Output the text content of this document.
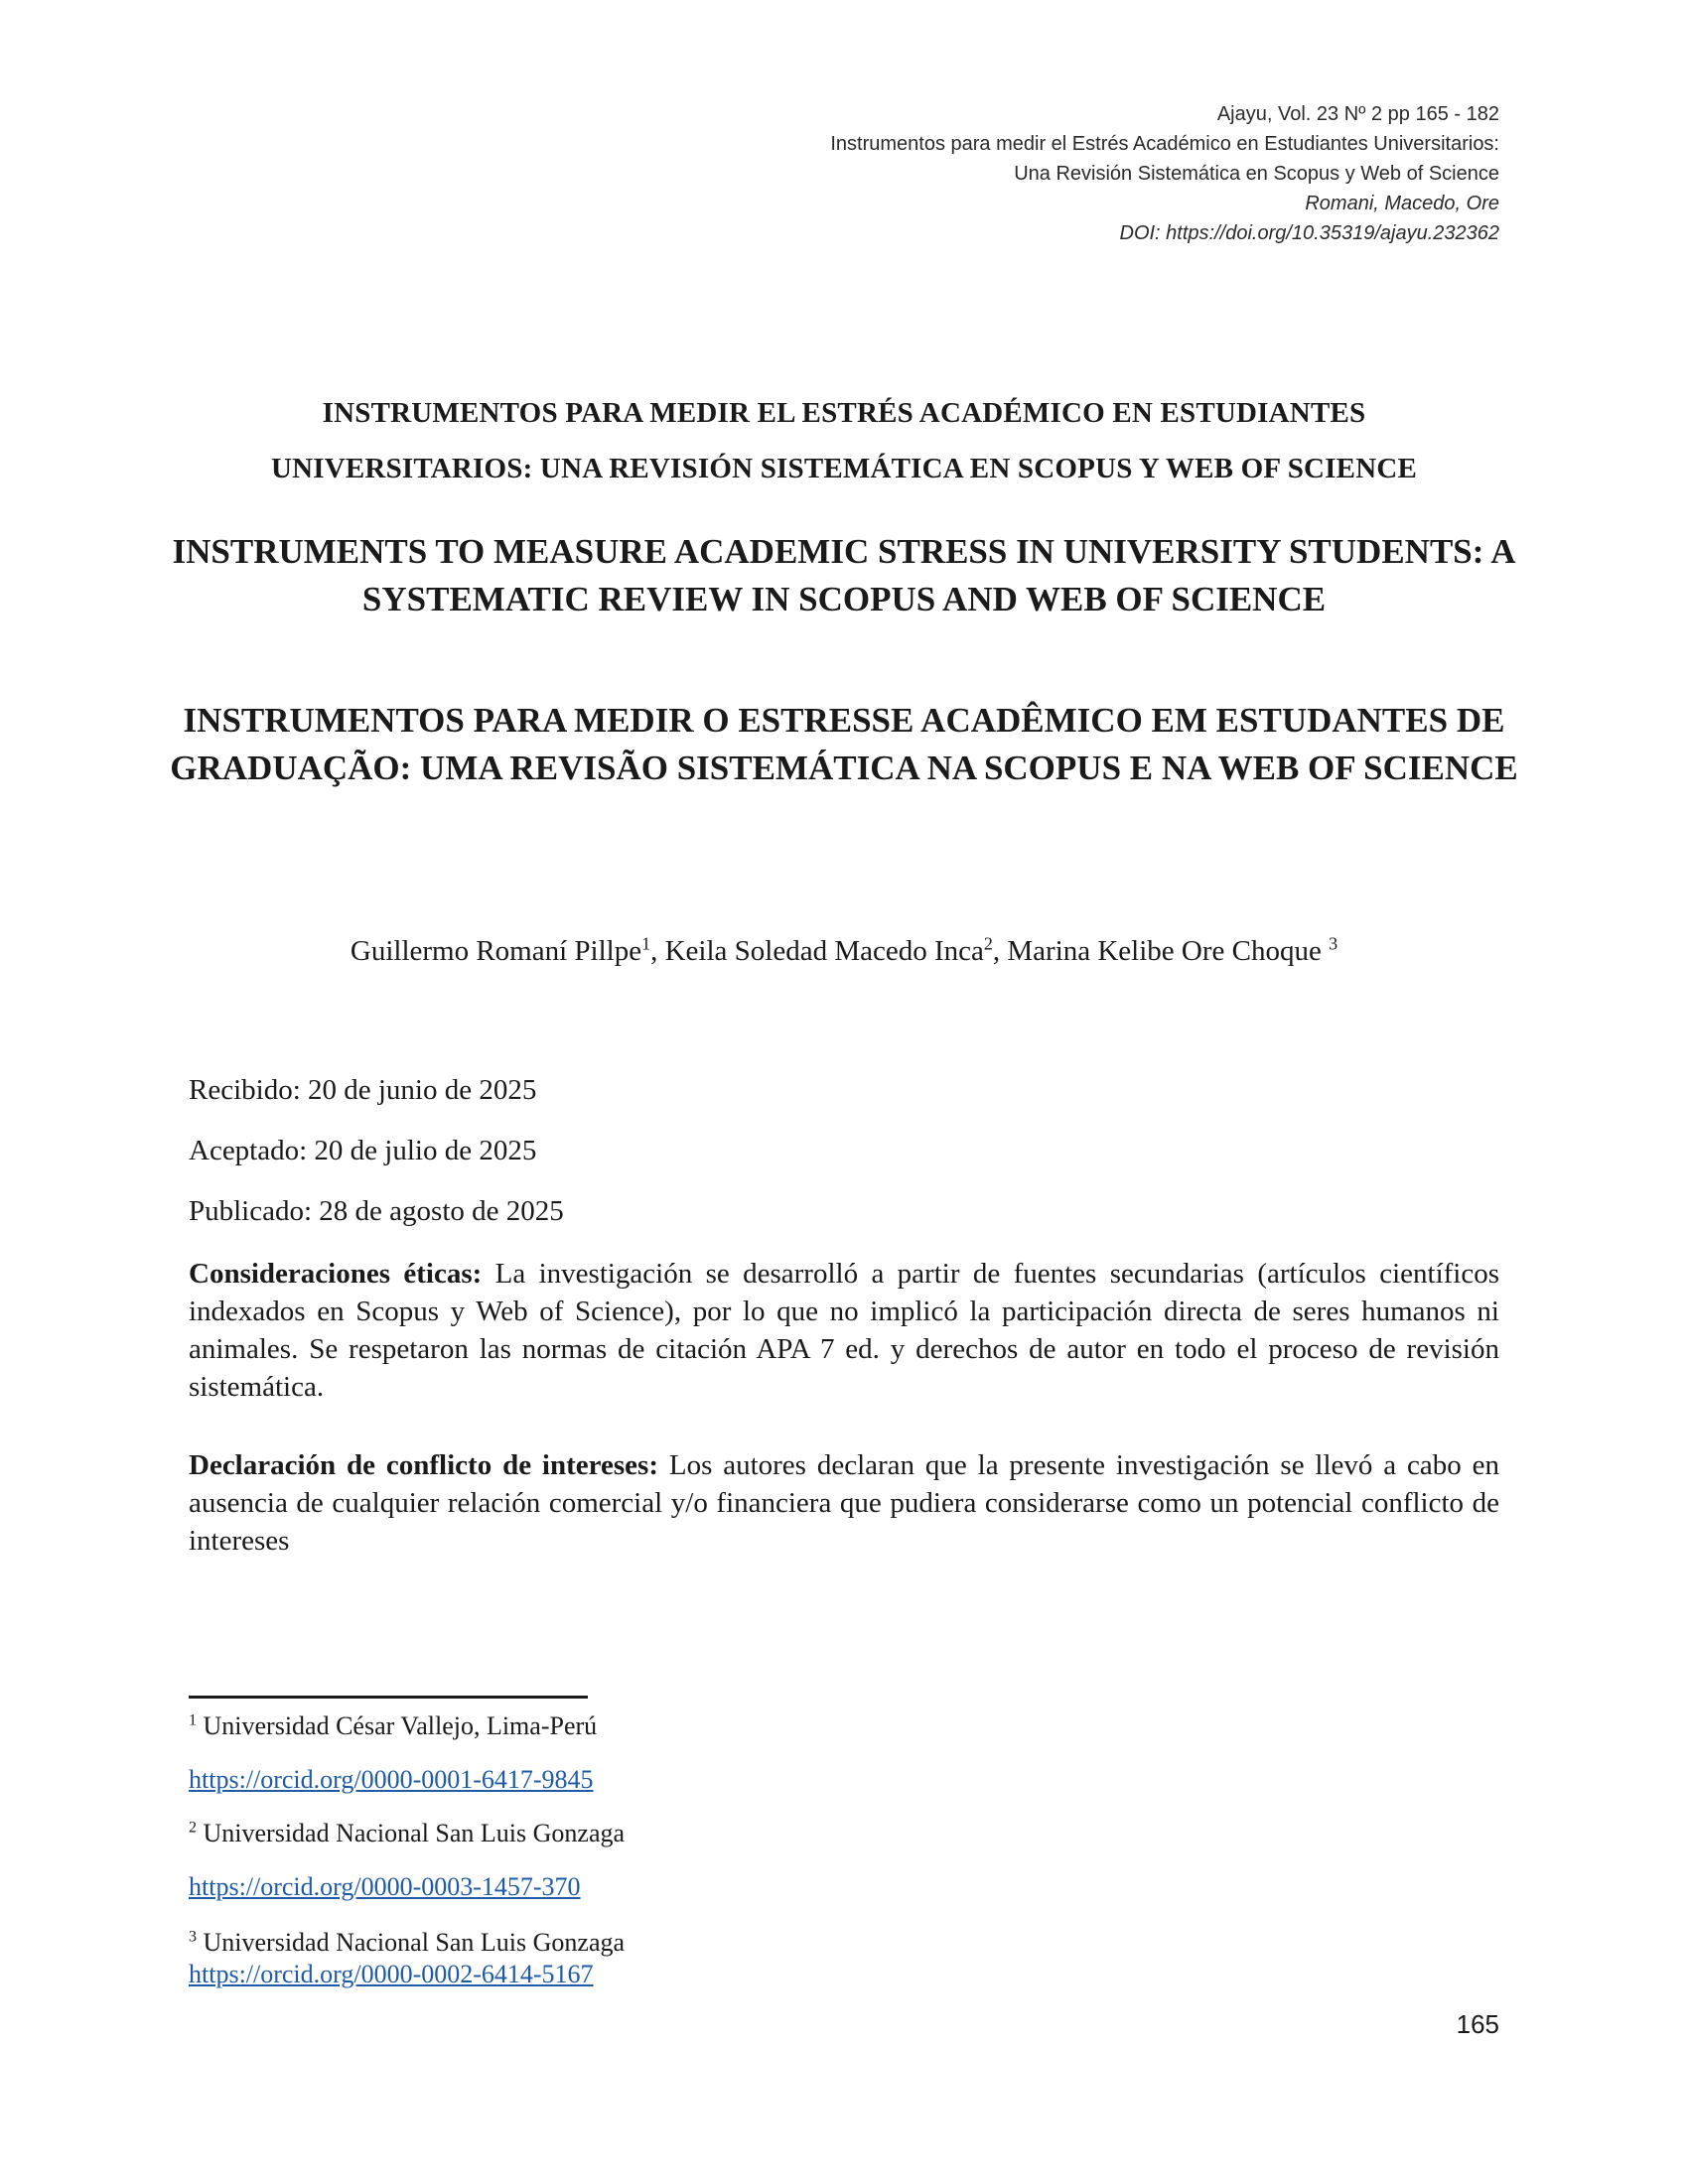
Ajayu, Vol. 23 Nº 2 pp 165 - 182
Instrumentos para medir el Estrés Académico en Estudiantes Universitarios:
Una Revisión Sistemática en Scopus y Web of Science
Romani, Macedo, Ore
DOI: https://doi.org/10.35319/ajayu.232362
INSTRUMENTOS PARA MEDIR EL ESTRÉS ACADÉMICO EN ESTUDIANTES
UNIVERSITARIOS: UNA REVISIÓN SISTEMÁTICA EN SCOPUS Y WEB OF SCIENCE
INSTRUMENTS TO MEASURE ACADEMIC STRESS IN UNIVERSITY STUDENTS: A SYSTEMATIC REVIEW IN SCOPUS AND WEB OF SCIENCE
INSTRUMENTOS PARA MEDIR O ESTRESSE ACADÊMICO EM ESTUDANTES DE GRADUAÇÃO: UMA REVISÃO SISTEMÁTICA NA SCOPUS E NA WEB OF SCIENCE
Guillermo Romaní Pillpe$^1$, Keila Soledad Macedo Inca$^2$, Marina Kelibe Ore Choque $^3$
Recibido: 20 de junio de 2025
Aceptado: 20 de julio de 2025
Publicado: 28 de agosto de 2025
Consideraciones éticas: La investigación se desarrolló a partir de fuentes secundarias (artículos científicos indexados en Scopus y Web of Science), por lo que no implicó la participación directa de seres humanos ni animales. Se respetaron las normas de citación APA 7 ed. y derechos de autor en todo el proceso de revisión sistemática.
Declaración de conflicto de intereses: Los autores declaran que la presente investigación se llevó a cabo en ausencia de cualquier relación comercial y/o financiera que pudiera considerarse como un potencial conflicto de intereses
$^1$ Universidad César Vallejo, Lima-Perú
https://orcid.org/0000-0001-6417-9845
$^2$ Universidad Nacional San Luis Gonzaga
https://orcid.org/0000-0003-1457-370
$^3$ Universidad Nacional San Luis Gonzaga
https://orcid.org/0000-0002-6414-5167
165
